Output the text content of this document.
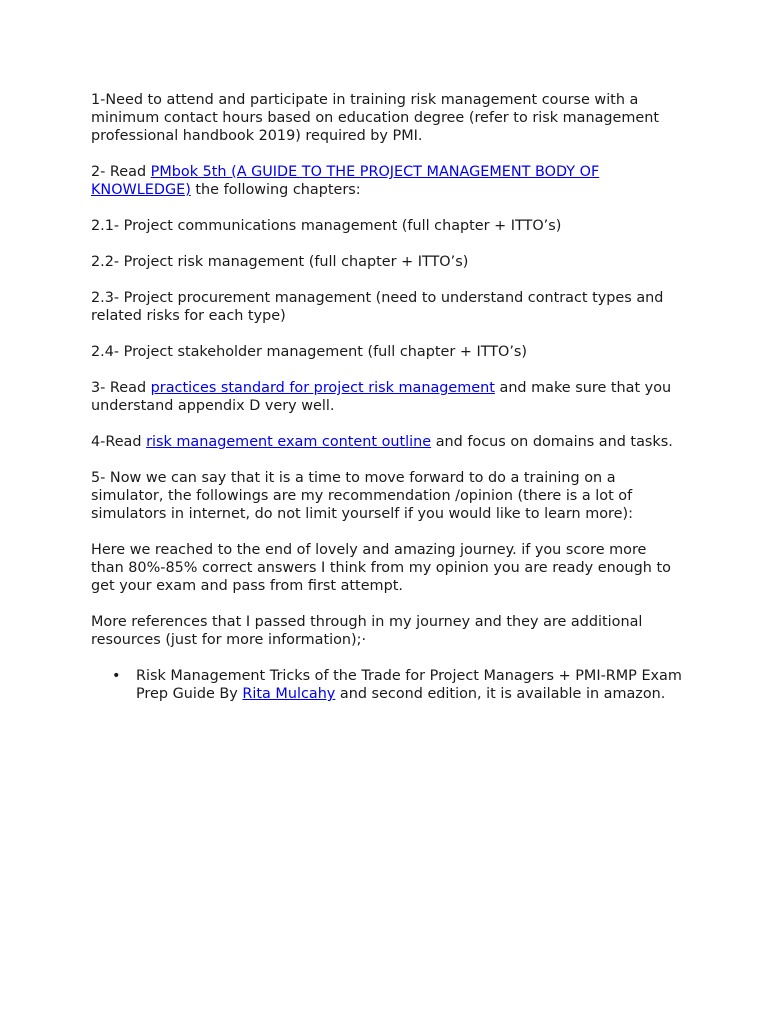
1-Need to attend and participate in training risk management course with a minimum contact hours based on education degree (refer to risk management professional handbook 2019) required by PMI.

2- Read PMbok 5th (A GUIDE TO THE PROJECT MANAGEMENT BODY OF KNOWLEDGE) the following chapters:

2.1- Project communications management (full chapter + ITTO’s)

2.2- Project risk management (full chapter + ITTO’s)

2.3- Project procurement management (need to understand contract types and related risks for each type)

2.4- Project stakeholder management (full chapter + ITTO’s)

3- Read practices standard for project risk management and make sure that you understand appendix D very well.

4-Read risk management exam content outline and focus on domains and tasks.

5- Now we can say that it is a time to move forward to do a training on a simulator, the followings are my recommendation /opinion (there is a lot of simulators in internet, do not limit yourself if you would like to learn more):

Here we reached to the end of lovely and amazing journey. if you score more than 80%-85% correct answers I think from my opinion you are ready enough to get your exam and pass from first attempt.

More references that I passed through in my journey and they are additional resources (just for more information);·

• Risk Management Tricks of the Trade for Project Managers + PMI-RMP Exam Prep Guide By Rita Mulcahy and second edition, it is available in amazon.
